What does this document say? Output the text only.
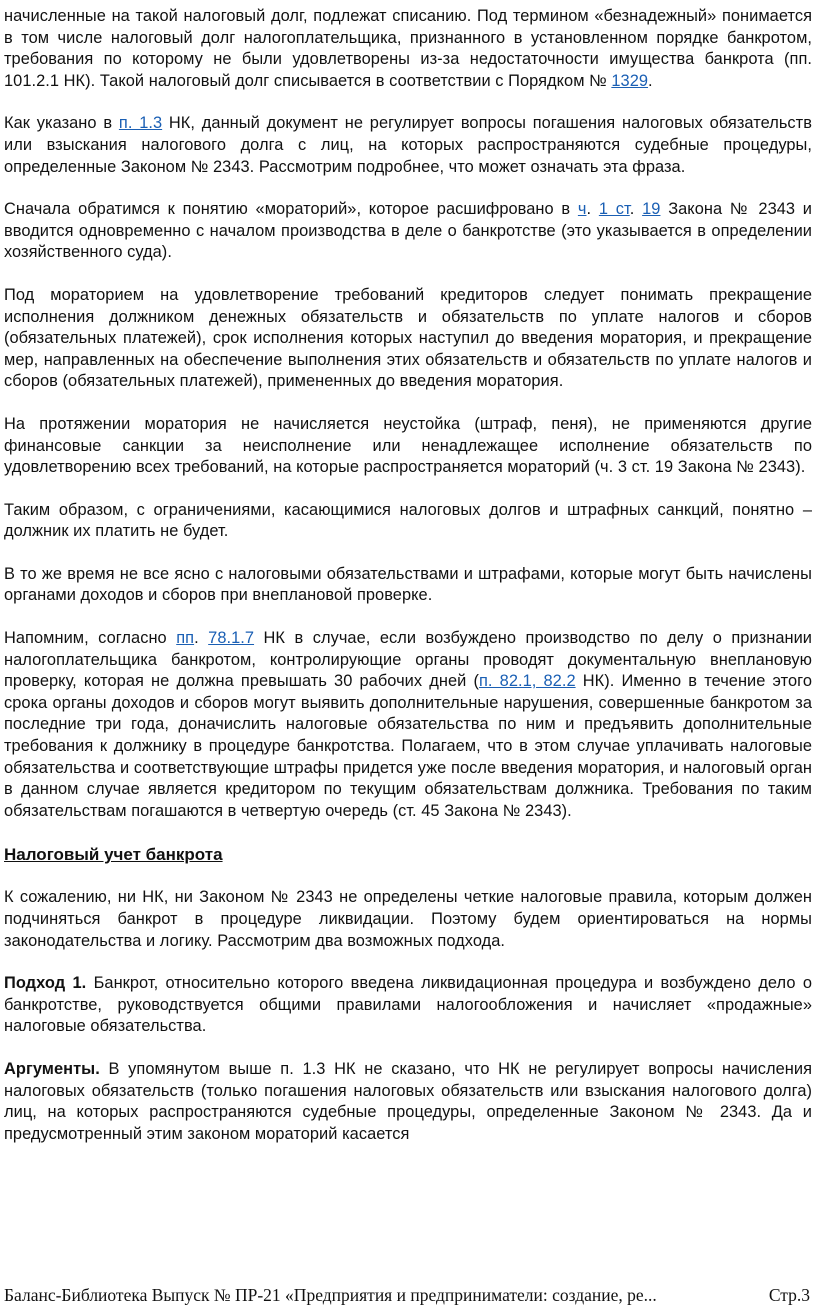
начисленные на такой налоговый долг, подлежат списанию. Под термином «безнадежный» понимается в том числе налоговый долг налогоплательщика, признанного в установленном порядке банкротом, требования по которому не были удовлетворены из-за недостаточности имущества банкрота (пп. 101.2.1 НК). Такой налоговый долг списывается в соответствии с Порядком № 1329.

Как указано в п. 1.3 НК, данный документ не регулирует вопросы погашения налоговых обязательств или взыскания налогового долга с лиц, на которых распространяются судебные процедуры, определенные Законом № 2343. Рассмотрим подробнее, что может означать эта фраза.

Сначала обратимся к понятию «мораторий», которое расшифровано в ч. 1 ст. 19 Закона № 2343 и вводится одновременно с началом производства в деле о банкротстве (это указывается в определении хозяйственного суда).

Под мораторием на удовлетворение требований кредиторов следует понимать прекращение исполнения должником денежных обязательств и обязательств по уплате налогов и сборов (обязательных платежей), срок исполнения которых наступил до введения моратория, и прекращение мер, направленных на обеспечение выполнения этих обязательств и обязательств по уплате налогов и сборов (обязательных платежей), примененных до введения моратория.

На протяжении моратория не начисляется неустойка (штраф, пеня), не применяются другие финансовые санкции за неисполнение или ненадлежащее исполнение обязательств по удовлетворению всех требований, на которые распространяется мораторий (ч. 3 ст. 19 Закона № 2343).

Таким образом, с ограничениями, касающимися налоговых долгов и штрафных санкций, понятно – должник их платить не будет.

В то же время не все ясно с налоговыми обязательствами и штрафами, которые могут быть начислены органами доходов и сборов при внеплановой проверке.

Напомним, согласно пп. 78.1.7 НК в случае, если возбуждено производство по делу о признании налогоплательщика банкротом, контролирующие органы проводят документальную внеплановую проверку, которая не должна превышать 30 рабочих дней (п. 82.1, 82.2 НК). Именно в течение этого срока органы доходов и сборов могут выявить дополнительные нарушения, совершенные банкротом за последние три года, доначислить налоговые обязательства по ним и предъявить дополнительные требования к должнику в процедуре банкротства. Полагаем, что в этом случае уплачивать налоговые обязательства и соответствующие штрафы придется уже после введения моратория, и налоговый орган в данном случае является кредитором по текущим обязательствам должника. Требования по таким обязательствам погашаются в четвертую очередь (ст. 45 Закона № 2343).

Налоговый учет банкрота

К сожалению, ни НК, ни Законом № 2343 не определены четкие налоговые правила, которым должен подчиняться банкрот в процедуре ликвидации. Поэтому будем ориентироваться на нормы законодательства и логику. Рассмотрим два возможных подхода.

Подход 1. Банкрот, относительно которого введена ликвидационная процедура и возбуждено дело о банкротстве, руководствуется общими правилами налогообложения и начисляет «продажные» налоговые обязательства.

Аргументы. В упомянутом выше п. 1.3 НК не сказано, что НК не регулирует вопросы начисления налоговых обязательств (только погашения налоговых обязательств или взыскания налогового долга) лиц, на которых распространяются судебные процедуры, определенные Законом № 2343. Да и предусмотренный этим законом мораторий касается

Баланс-Библиотека Выпуск № ПР-21 «Предприятия и предприниматели: создание, ре...	Стр.3
